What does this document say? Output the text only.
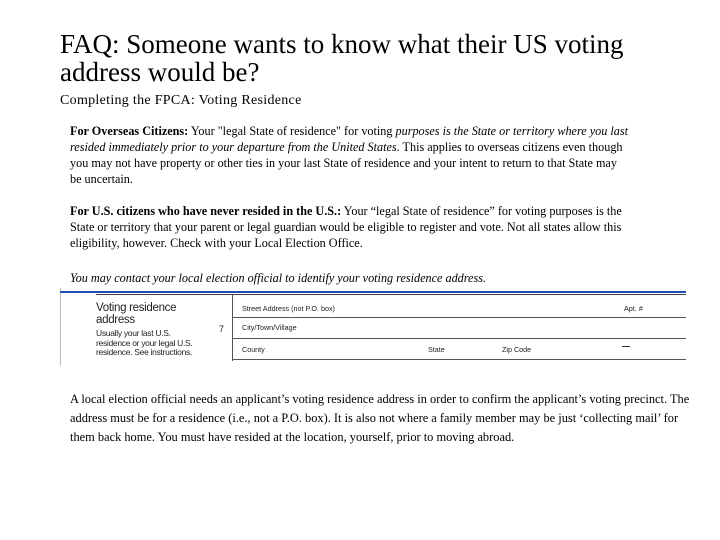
FAQ: Someone wants to know what their US voting address would be?
Completing the FPCA: Voting Residence
For Overseas Citizens: Your "legal State of residence" for voting purposes is the State or territory where you last resided immediately prior to your departure from the United States. This applies to overseas citizens even though you may not have property or other ties in your last State of residence and your intent to return to that State may be uncertain.
For U.S. citizens who have never resided in the U.S.: Your “legal State of residence” for voting purposes is the State or territory that your parent or legal guardian would be eligible to register and vote. Not all states allow this eligibility, however. Check with your Local Election Office.
You may contact your local election official to identify your voting residence address.
Voting residence address
Usually your last U.S. residence or your legal U.S. residence. See instructions.
7
Street Address (not P.O. box)	Apt. #
City/Town/Village
County	State	Zip Code
A local election official needs an applicant’s voting residence address in order to confirm the applicant’s voting precinct. The address must be for a residence (i.e., not a P.O. box). It is also not where a family member may be just ‘collecting mail’ for them back home. You must have resided at the location, yourself, prior to moving abroad.
